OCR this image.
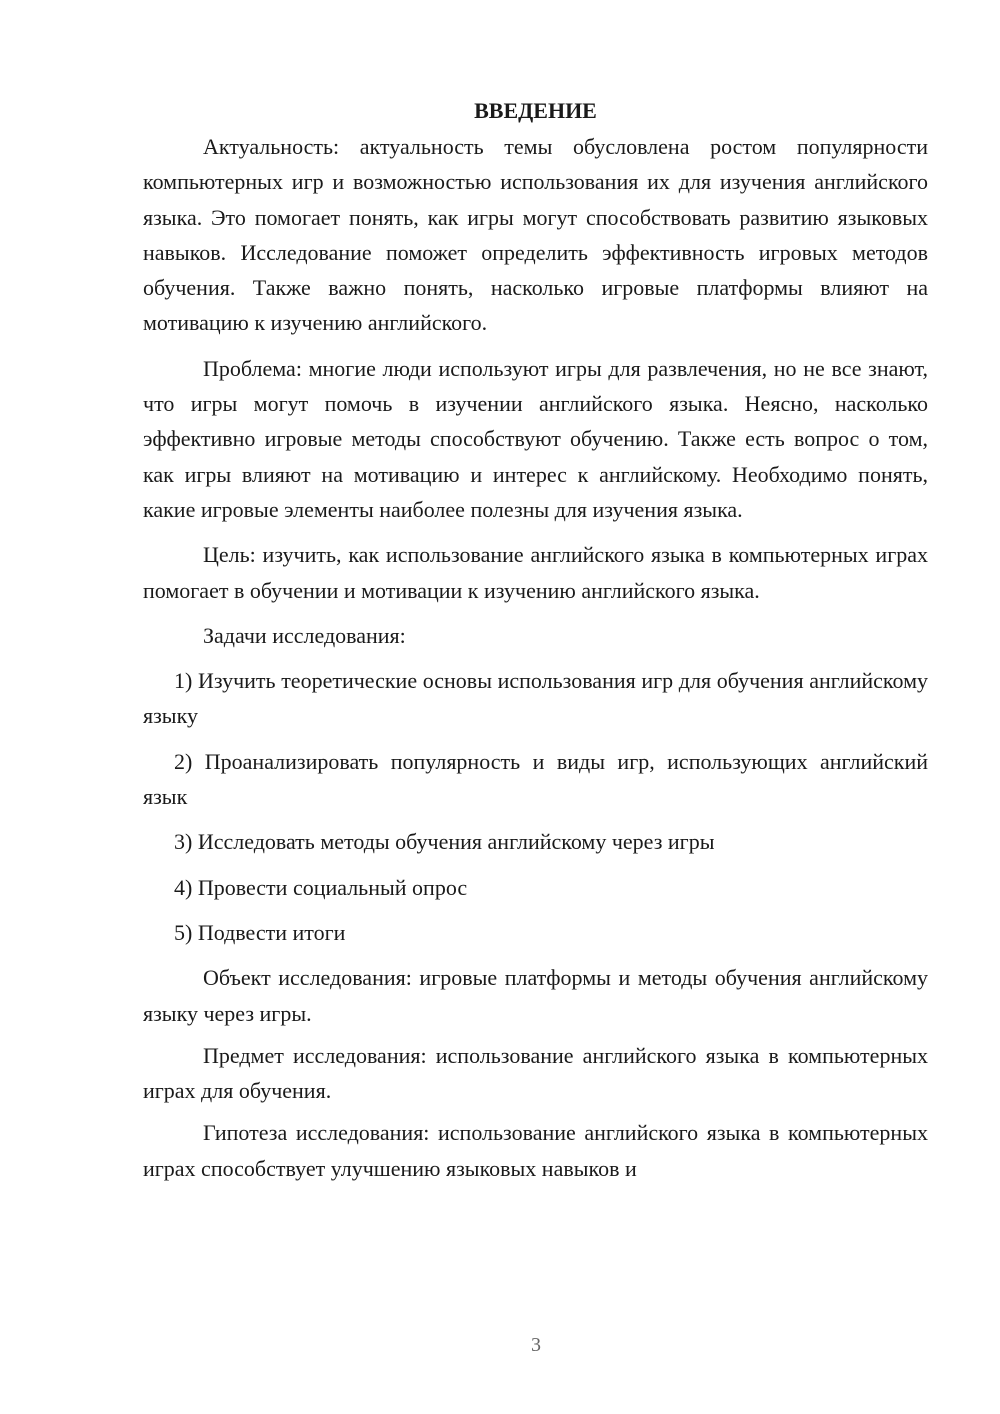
ВВЕДЕНИЕ

Актуальность: актуальность темы обусловлена ростом популярности компьютерных игр и возможностью использования их для изучения английского языка. Это помогает понять, как игры могут способствовать развитию языковых навыков. Исследование поможет определить эффективность игровых методов обучения. Также важно понять, насколько игровые платформы влияют на мотивацию к изучению английского.

Проблема: многие люди используют игры для развлечения, но не все знают, что игры могут помочь в изучении английского языка. Неясно, насколько эффективно игровые методы способствуют обучению. Также есть вопрос о том, как игры влияют на мотивацию и интерес к английскому. Необходимо понять, какие игровые элементы наиболее полезны для изучения языка.

Цель: изучить, как использование английского языка в компьютерных играх помогает в обучении и мотивации к изучению английского языка.

Задачи исследования:

1) Изучить теоретические основы использования игр для обучения английскому языку

2) Проанализировать популярность и виды игр, использующих английский язык

3) Исследовать методы обучения английскому через игры

4) Провести социальный опрос

5) Подвести итоги

Объект исследования: игровые платформы и методы обучения английскому языку через игры.

Предмет исследования: использование английского языка в компьютерных играх для обучения.

Гипотеза исследования: использование английского языка в компьютерных играх способствует улучшению языковых навыков и

3
